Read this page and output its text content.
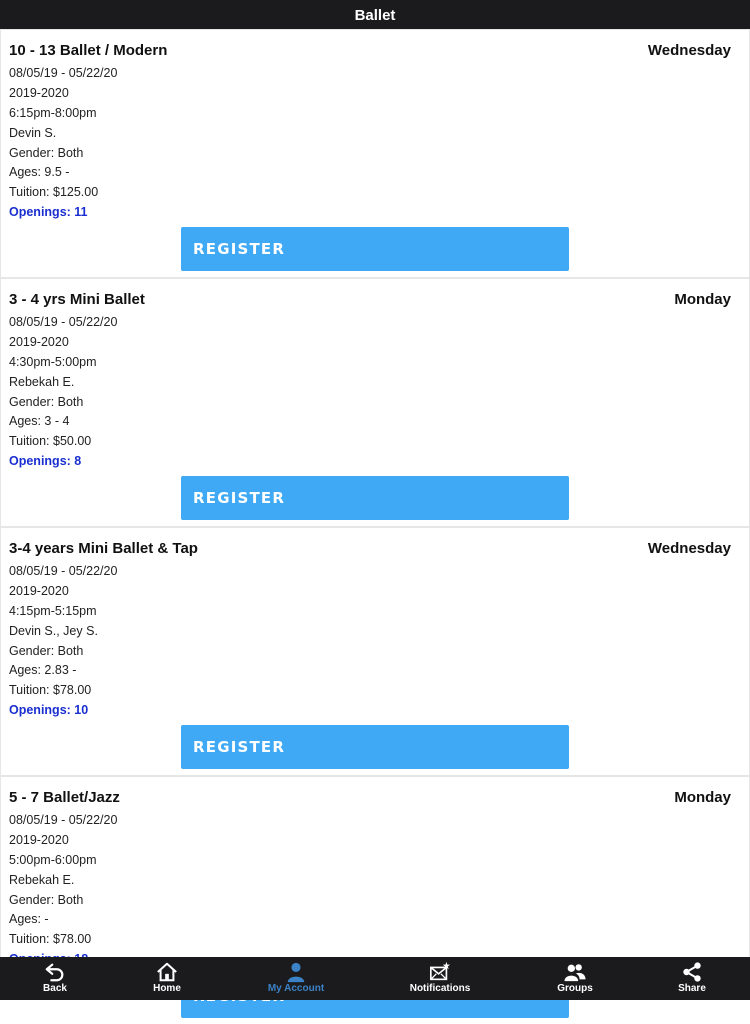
Ballet
10 - 13 Ballet / Modern	Wednesday
08/05/19 - 05/22/20
2019-2020
6:15pm-8:00pm
Devin S.
Gender: Both
Ages: 9.5 -
Tuition: $125.00
Openings: 11
REGISTER
3 - 4 yrs Mini Ballet	Monday
08/05/19 - 05/22/20
2019-2020
4:30pm-5:00pm
Rebekah E.
Gender: Both
Ages: 3 - 4
Tuition: $50.00
Openings: 8
REGISTER
3-4 years Mini Ballet & Tap	Wednesday
08/05/19 - 05/22/20
2019-2020
4:15pm-5:15pm
Devin S., Jey S.
Gender: Both
Ages: 2.83 -
Tuition: $78.00
Openings: 10
REGISTER
5 - 7 Ballet/Jazz	Monday
08/05/19 - 05/22/20
2019-2020
5:00pm-6:00pm
Rebekah E.
Gender: Both
Ages: -
Tuition: $78.00
Back	Home	My Account	Notifications	Groups	Share
